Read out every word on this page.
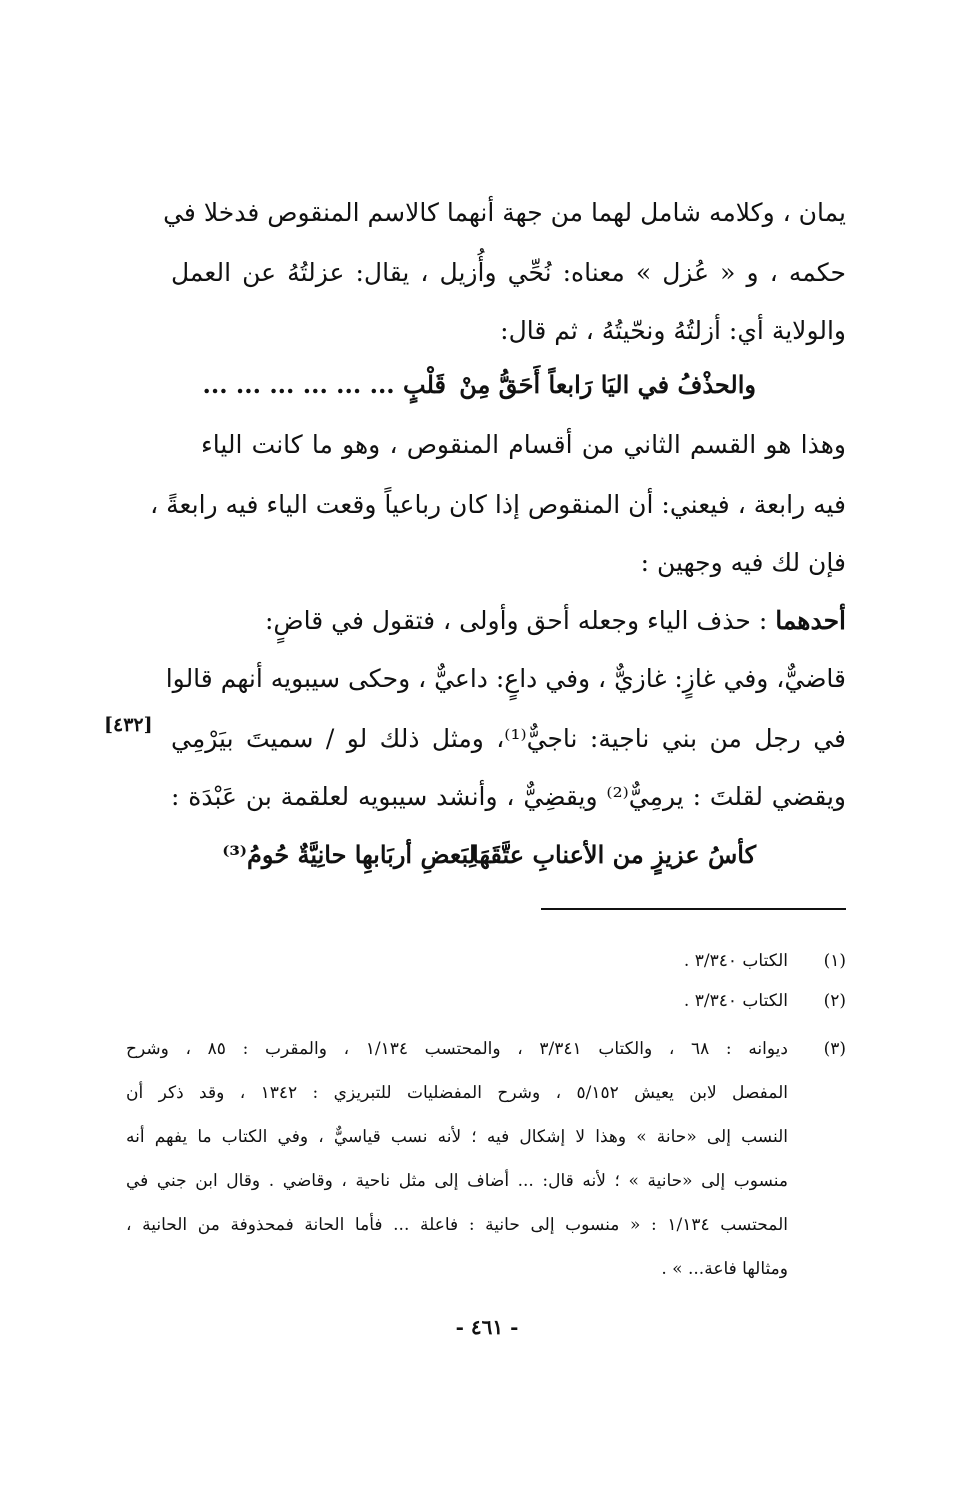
يمان ، وكلامه شامل لهما من جهة أنهما كالاسم المنقوص فدخلا في
حكمه ، و « عُزل » معناه: نُحِّي وأُزيل ، يقال: عزلتُهُ عن العمل
والولاية أي: أزلتُهُ ونحّيتُهُ ، ثم قال:
والحذْفُ في اليَا رَابعاً أَحَقُّ مِنْ
قَلْبٍ ... ... ... ... ... ...
وهذا هو القسم الثاني من أقسام المنقوص ، وهو ما كانت الياء
فيه رابعة ، فيعني: أن المنقوص إذا كان رباعياً وقعت الياء فيه رابعةً ،
فإن لك فيه وجهين :
أحدهما : حذف الياء وجعله أحق وأولى ، فتقول في قاضٍ:
قاضيٌّ، وفي غازٍ: غازيٌّ ، وفي داعٍ: داعيٌّ ، وحكى سيبويه أنهم قالوا
في رجل من بني ناجية: ناجيٌّ⁽¹⁾، ومثل ذلك لو / سميتَ بيَرْمِي
ويقضي لقلتَ : يرمِيٌّ⁽²⁾ ويقضِيٌّ ، وأنشد سيبويه لعلقمة بن عَبْدَة :
كأسُ عزيزٍ من الأعنابِ عتَّقَهَا
لِبَعضِ أربَابهِا حانِيَّةٌ حُومُ⁽³⁾
[٤٣٢]
(١)
الكتاب ٣/٣٤٠ .
(٢)
الكتاب ٣/٣٤٠ .
(٣)
ديوانه : ٦٨ ، والكتاب ٣/٣٤١ ، والمحتسب ١/١٣٤ ، والمقرب : ٨٥ ، وشرح
المفصل لابن يعيش ٥/١٥٢ ، وشرح المفضليات للتبريزي : ١٣٤٢ ، وقد ذكر أن
النسب إلى «حانة » وهذا لا إشكال فيه ؛ لأنه نسب قياسيٌّ ، وفي الكتاب ما يفهم أنه
منسوب إلى «حانية » ؛ لأنه قال: ... أضاف إلى مثل ناحية ، وقاضي . وقال ابن جني في
المحتسب ١/١٣٤ : « منسوب إلى حانية : فاعلة ... فأما الحانة فمحذوفة من الحانية ،
ومثالها فاعة... » .
- ٤٦١ -
